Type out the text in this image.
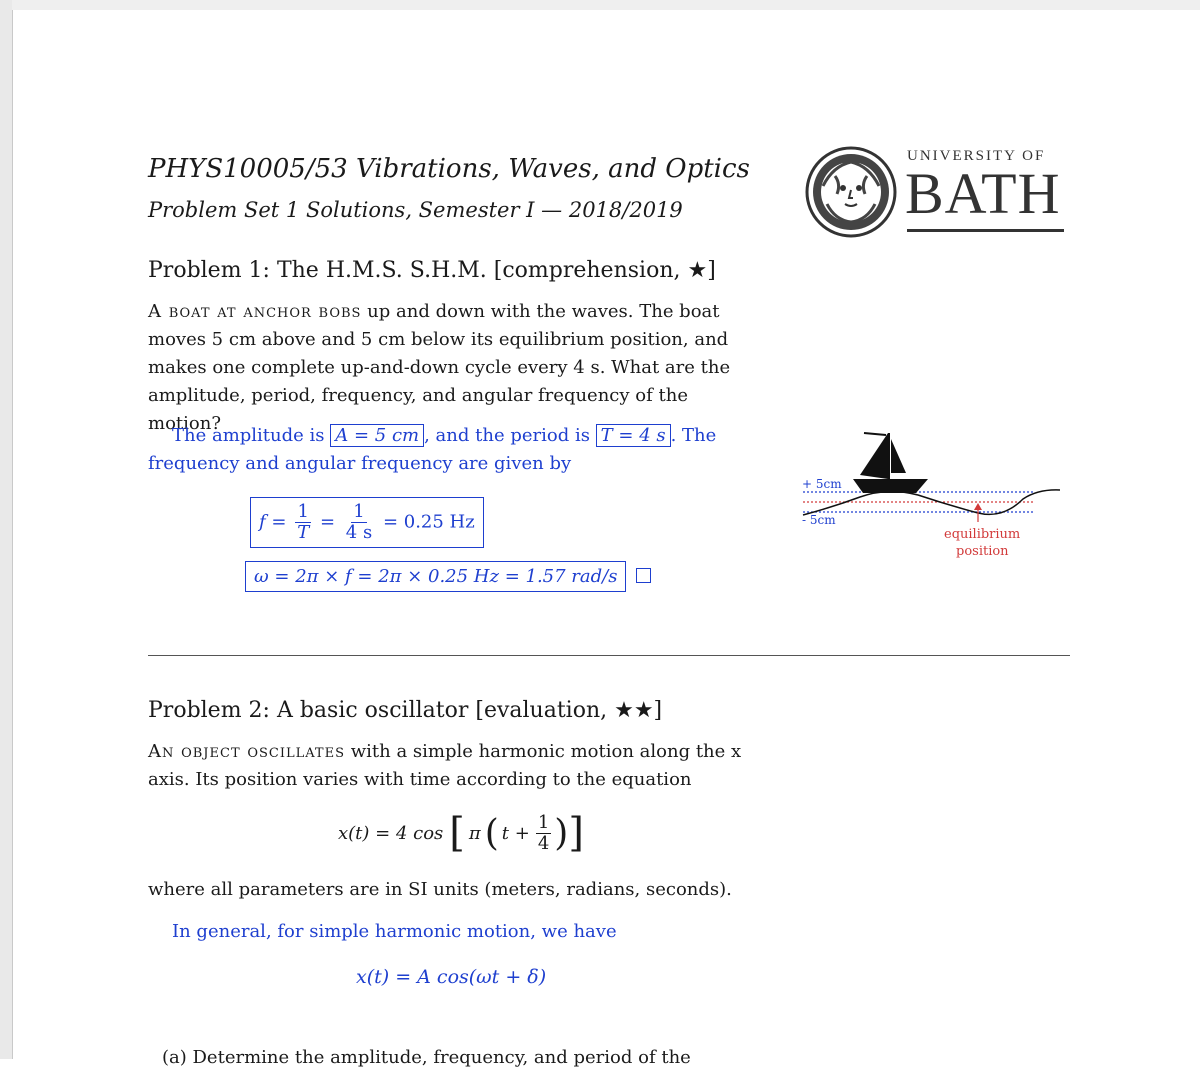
PHYS10005/53 Vibrations, Waves, and Optics
Problem Set 1 Solutions, Semester I — 2018/2019
UNIVERSITY OF
BATH
Problem 1: The H.M.S. S.H.M. [comprehension, ★]
A boat at anchor bobs up and down with the waves. The boat moves 5 cm above and 5 cm below its equilibrium position, and makes one complete up-and-down cycle every 4 s. What are the amplitude, period, frequency, and angular frequency of the motion?
The amplitude is A = 5 cm , and the period is T = 4 s . The frequency and angular frequency are given by
$f = \frac{1}{T} = \frac{1}{4 s} = 0.25$ Hz
ω = 2π × f = 2π × 0.25 Hz = 1.57 rad/s
+ 5cm
- 5cm
equilibrium
position
Problem 2: A basic oscillator [evaluation, ★★]
An object oscillates with a simple harmonic motion along the x axis. Its position varies with time according to the equation
x(t) = 4 cos [ π ( $t + \frac{1}{4}$ ) ]
where all parameters are in SI units (meters, radians, seconds).
In general, for simple harmonic motion, we have
x(t) = A cos(ωt + δ)
(a) Determine the amplitude, frequency, and period of the
